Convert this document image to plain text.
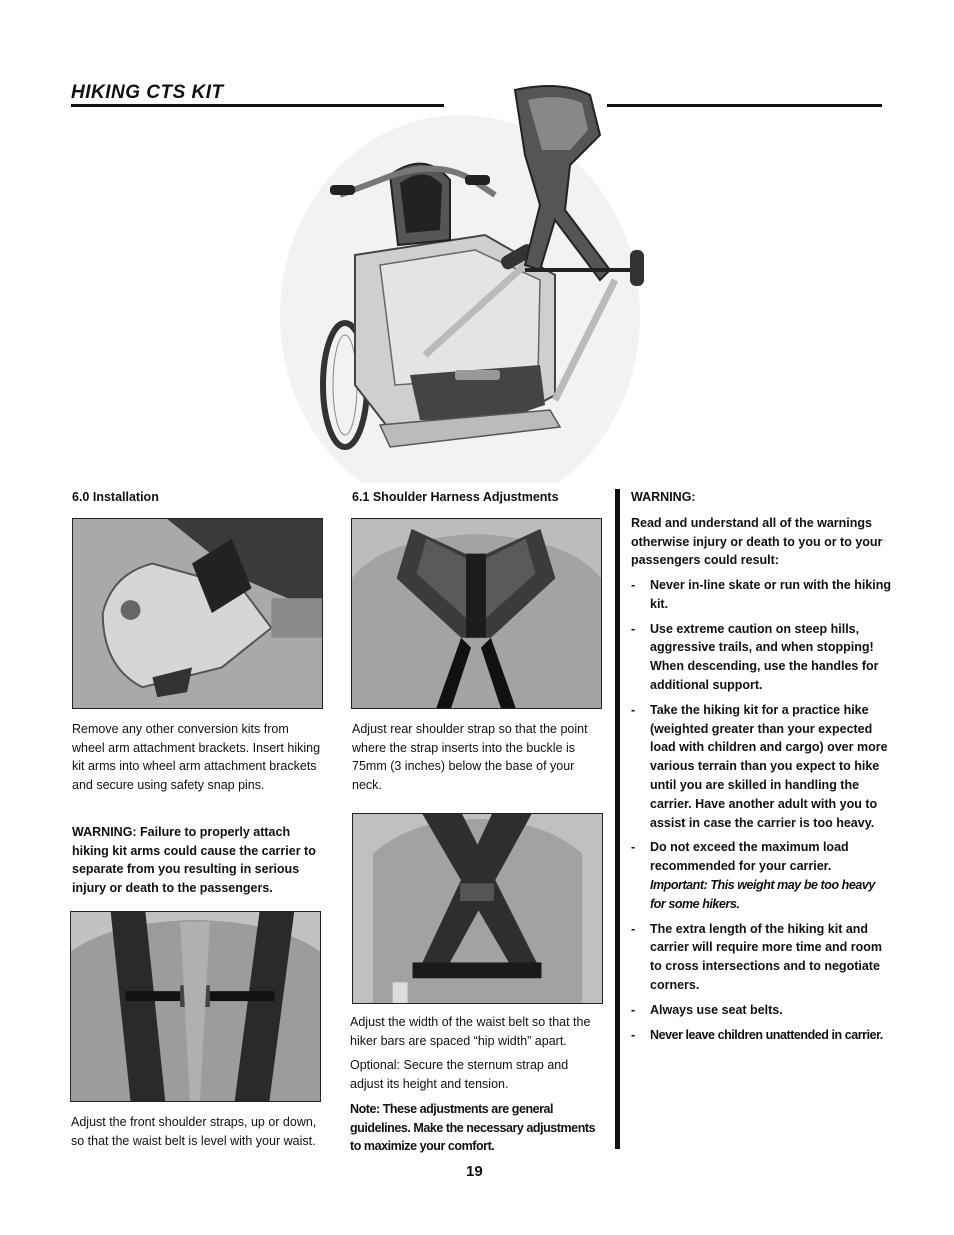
HIKING CTS KIT
6.0 Installation
Remove any other conversion kits from wheel arm attachment brackets. Insert hiking kit arms into wheel arm attachment brackets and secure using safety snap pins.
WARNING: Failure to properly attach hiking kit arms could cause the carrier to separate from you resulting in serious injury or death to the passengers.
Adjust the front shoulder straps, up or down, so that the waist belt is level with your waist.
6.1 Shoulder Harness Adjustments
Adjust rear shoulder strap so that the point where the strap inserts into the buckle is 75mm (3 inches) below the base of your neck.
Adjust the width of the waist belt so that the hiker bars are spaced “hip width” apart.
Optional: Secure the sternum strap and adjust its height and tension.
Note: These adjustments are general guidelines. Make the necessary adjustments to maximize your comfort.
WARNING:
Read and understand all of the warnings otherwise injury or death to you or to your passengers could result:
- Never in-line skate or run with the hiking kit.
- Use extreme caution on steep hills, aggressive trails, and when stopping! When descending, use the handles for additional support.
- Take the hiking kit for a practice hike (weighted greater than your expected load with children and cargo) over more various terrain than you expect to hike until you are skilled in handling the carrier. Have another adult with you to assist in case the carrier is too heavy.
- Do not exceed the maximum load recommended for your carrier. Important: This weight may be too heavy for some hikers.
- The extra length of the hiking kit and carrier will require more time and room to cross intersections and to negotiate corners.
- Always use seat belts.
- Never leave children unattended in carrier.
19
